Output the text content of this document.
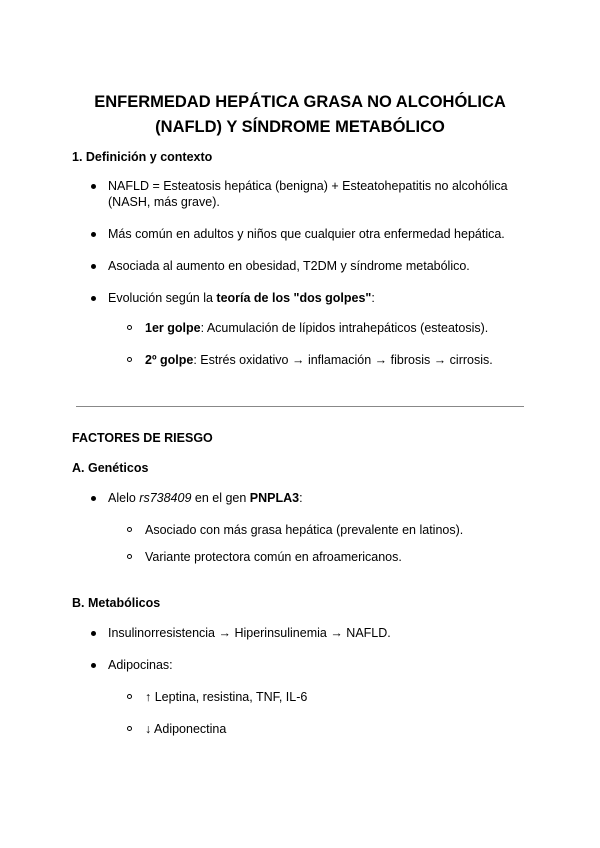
ENFERMEDAD HEPÁTICA GRASA NO ALCOHÓLICA
(NAFLD) Y SÍNDROME METABÓLICO
1. Definición y contexto
NAFLD = Esteatosis hepática (benigna) + Esteatohepatitis no alcohólica
(NASH, más grave).
Más común en adultos y niños que cualquier otra enfermedad hepática.
Asociada al aumento en obesidad, T2DM y síndrome metabólico.
Evolución según la teoría de los "dos golpes":
1er golpe: Acumulación de lípidos intrahepáticos (esteatosis).
2º golpe: Estrés oxidativo → inflamación → fibrosis → cirrosis.
FACTORES DE RIESGO
A. Genéticos
Alelo rs738409 en el gen PNPLA3:
Asociado con más grasa hepática (prevalente en latinos).
Variante protectora común en afroamericanos.
B. Metabólicos
Insulinorresistencia → Hiperinsulinemia → NAFLD.
Adipocinas:
↑ Leptina, resistina, TNF, IL-6
↓ Adiponectina
